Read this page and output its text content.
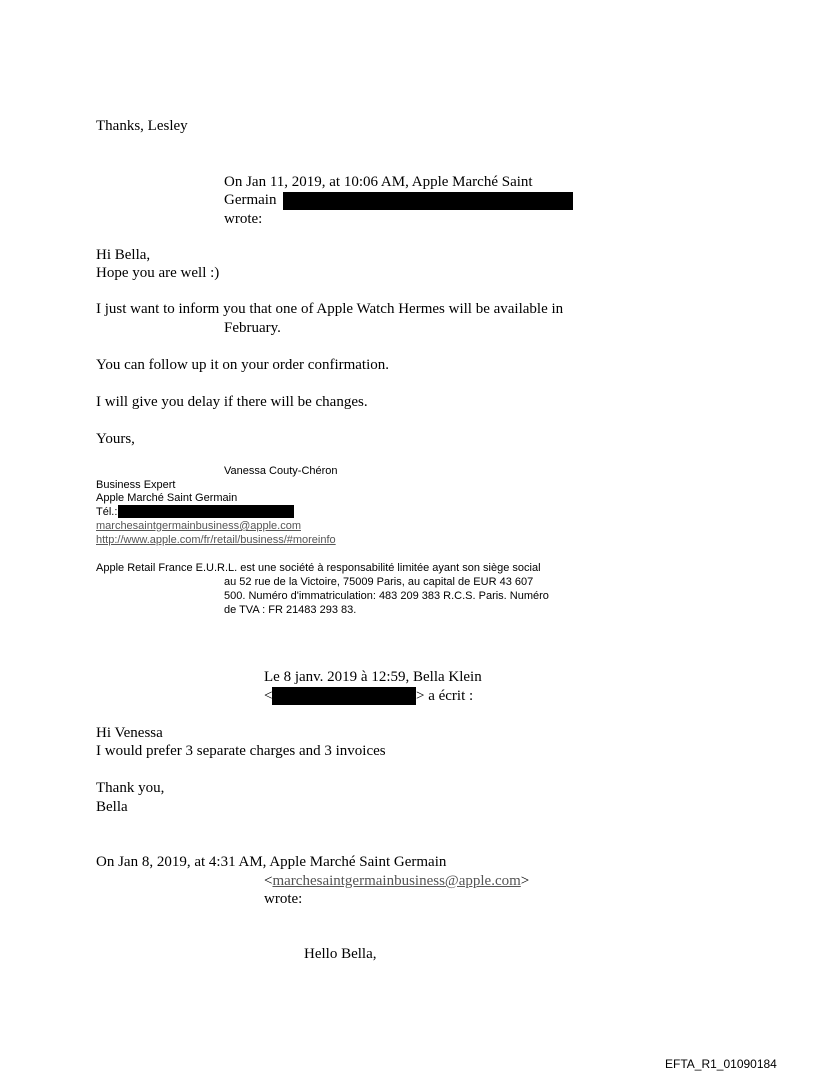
Thanks, Lesley
On Jan 11, 2019, at 10:06 AM, Apple Marché Saint
Germain
wrote:
Hi Bella,
Hope you are well :)
I just want to inform you that one of Apple Watch Hermes will be available in
February.
You can follow up it on your order confirmation.
I will give you delay if there will be changes.
Yours,
Vanessa Couty-Chéron
Business Expert
Apple Marché Saint Germain
Tél.:
marchesaintgermainbusiness@apple.com
http://www.apple.com/fr/retail/business/#moreinfo
Apple Retail France E.U.R.L. est une société à responsabilité limitée ayant son siège social
au 52 rue de la Victoire, 75009 Paris, au capital de EUR 43 607
500. Numéro d'immatriculation: 483 209 383 R.C.S. Paris. Numéro
de TVA : FR 21483 293 83.
Le 8 janv. 2019 à 12:59, Bella Klein
<	> a écrit :
Hi Venessa
I would prefer 3 separate charges and 3 invoices
Thank you,
Bella
On Jan 8, 2019, at 4:31 AM, Apple Marché Saint Germain
<marchesaintgermainbusiness@apple.com>
wrote:
Hello Bella,
EFTA_R1_01090184
